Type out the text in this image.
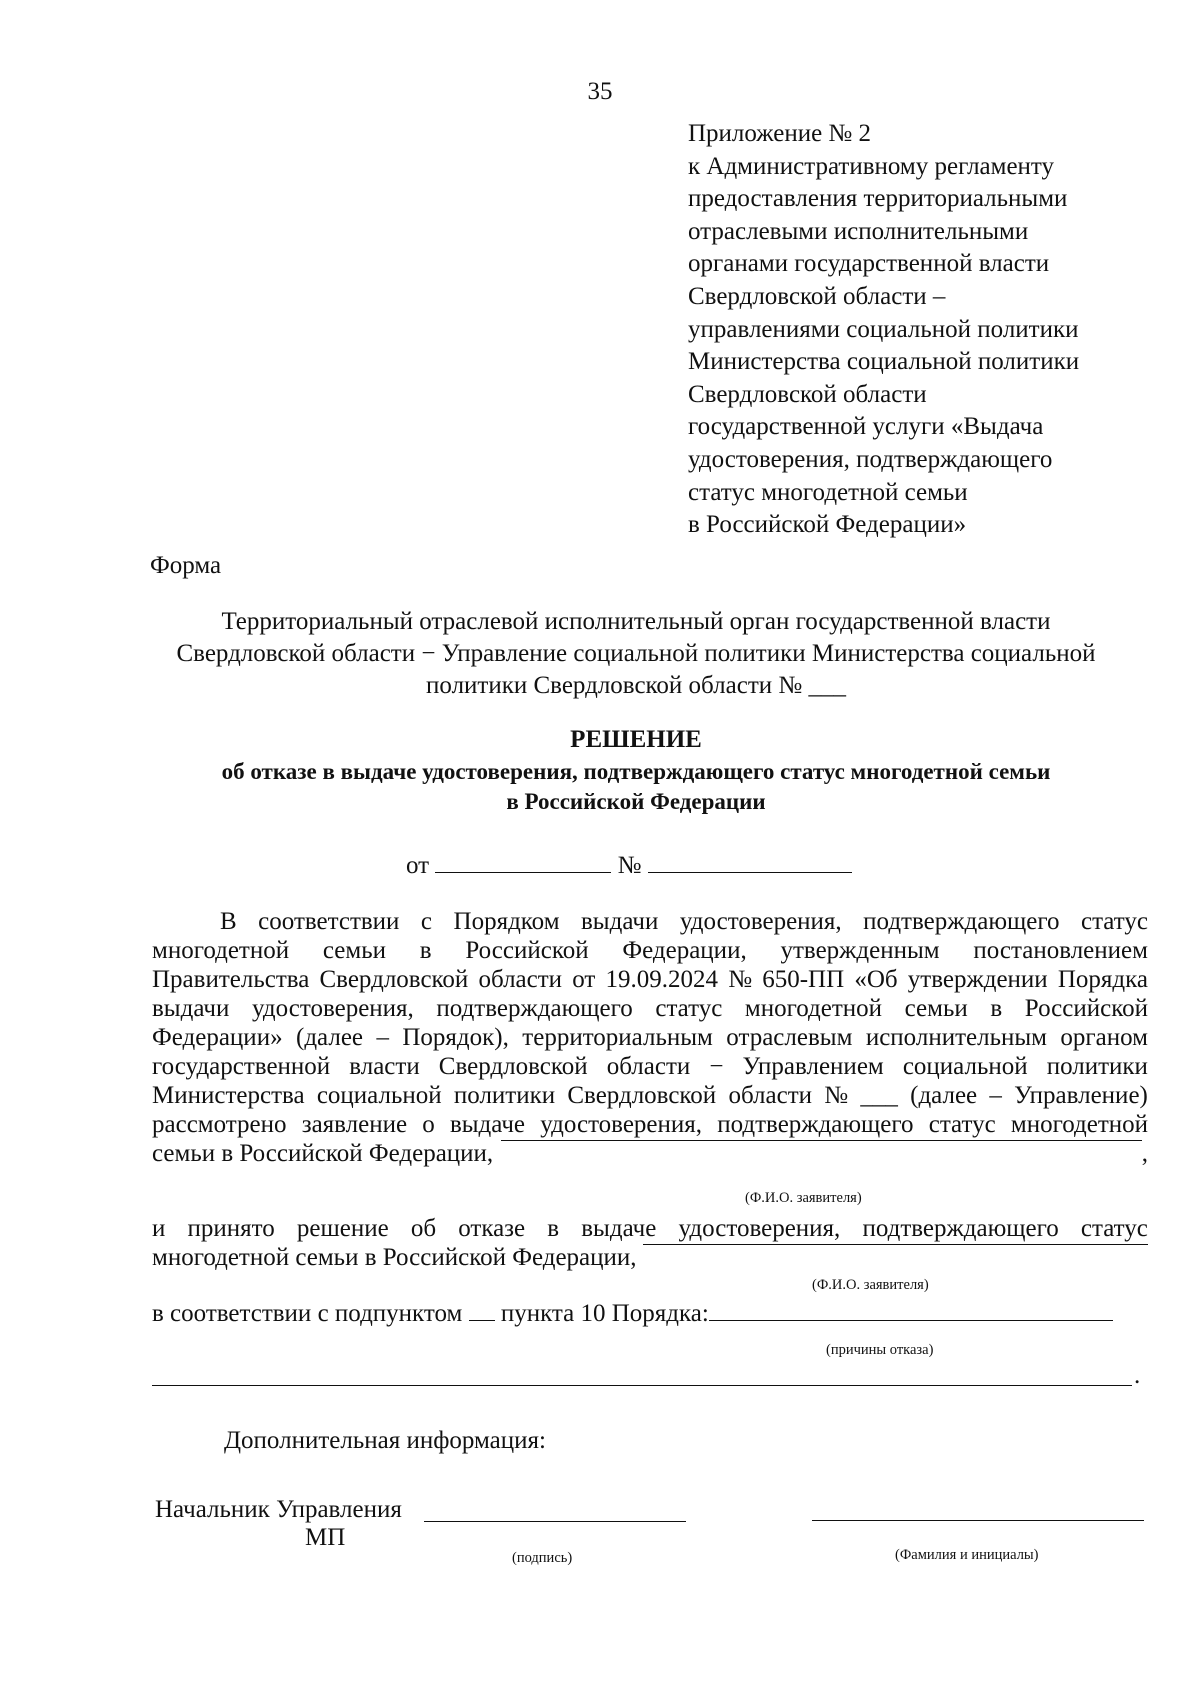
35
Приложение № 2
к Административному регламенту
предоставления территориальными
отраслевыми исполнительными
органами государственной власти
Свердловской области –
управлениями социальной политики
Министерства социальной политики
Свердловской области
государственной услуги «Выдача
удостоверения, подтверждающего
статус многодетной семьи
в Российской Федерации»
Форма
Территориальный отраслевой исполнительный орган государственной власти
Свердловской области − Управление социальной политики Министерства социальной
политики Свердловской области № ___
РЕШЕНИЕ
об отказе в выдаче удостоверения, подтверждающего статус многодетной семьи
в Российской Федерации
от	№
В соответствии с Порядком выдачи удостоверения, подтверждающего статус
многодетной семьи в Российской Федерации, утвержденным постановлением
Правительства Свердловской области от 19.09.2024 № 650-ПП «Об утверждении Порядка
выдачи удостоверения, подтверждающего статус многодетной семьи в Российской
Федерации» (далее – Порядок), территориальным отраслевым исполнительным органом
государственной власти Свердловской области − Управлением социальной политики
Министерства социальной политики Свердловской области № ___ (далее – Управление)
рассмотрено заявление о выдаче удостоверения, подтверждающего статус многодетной
семьи в Российской Федерации,	,
(Ф.И.О. заявителя)
и принято решение об отказе в выдаче удостоверения, подтверждающего статус
многодетной семьи в Российской Федерации,
(Ф.И.О. заявителя)
в соответствии с подпунктом пункта 10 Порядка:
(причины отказа)
.
Дополнительная информация:
Начальник Управления
МП
(подпись)	(Фамилия и инициалы)
